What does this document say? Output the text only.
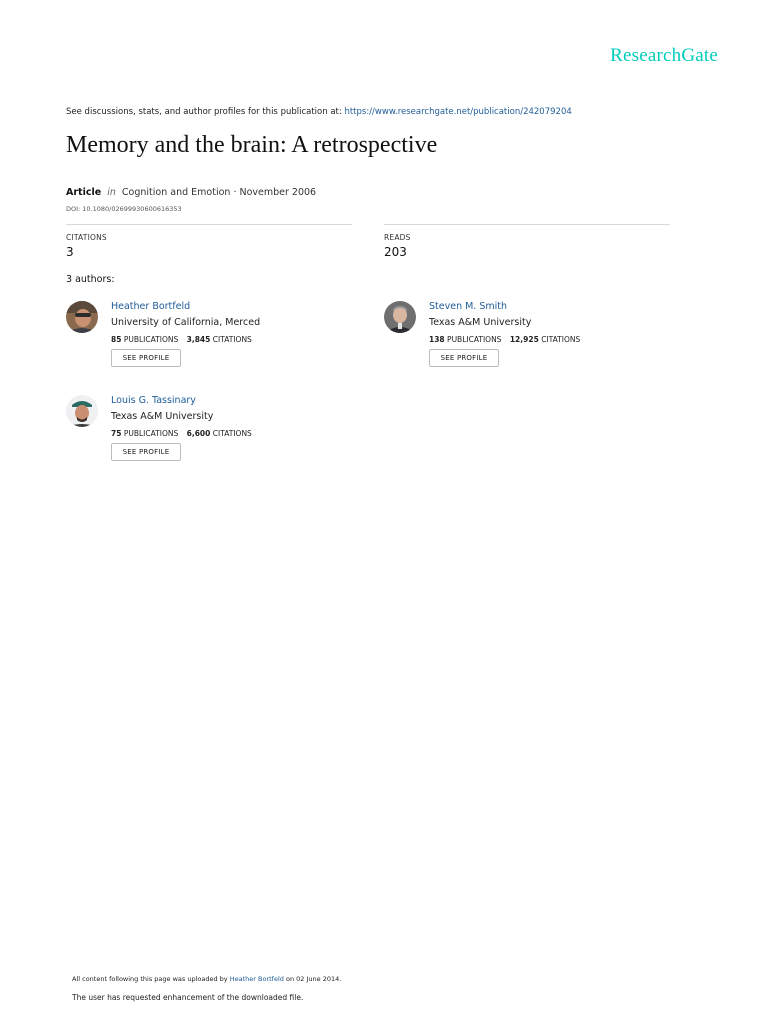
ResearchGate
See discussions, stats, and author profiles for this publication at: https://www.researchgate.net/publication/242079204
Memory and the brain: A retrospective
Article in Cognition and Emotion · November 2006
DOI: 10.1080/02699930600616353
CITATIONS
3
READS
203
3 authors:
Heather Bortfeld
University of California, Merced
85 PUBLICATIONS 3,845 CITATIONS
SEE PROFILE
Steven M. Smith
Texas A&M University
138 PUBLICATIONS 12,925 CITATIONS
SEE PROFILE
Louis G. Tassinary
Texas A&M University
75 PUBLICATIONS 6,600 CITATIONS
SEE PROFILE
All content following this page was uploaded by Heather Bortfeld on 02 June 2014.
The user has requested enhancement of the downloaded file.
